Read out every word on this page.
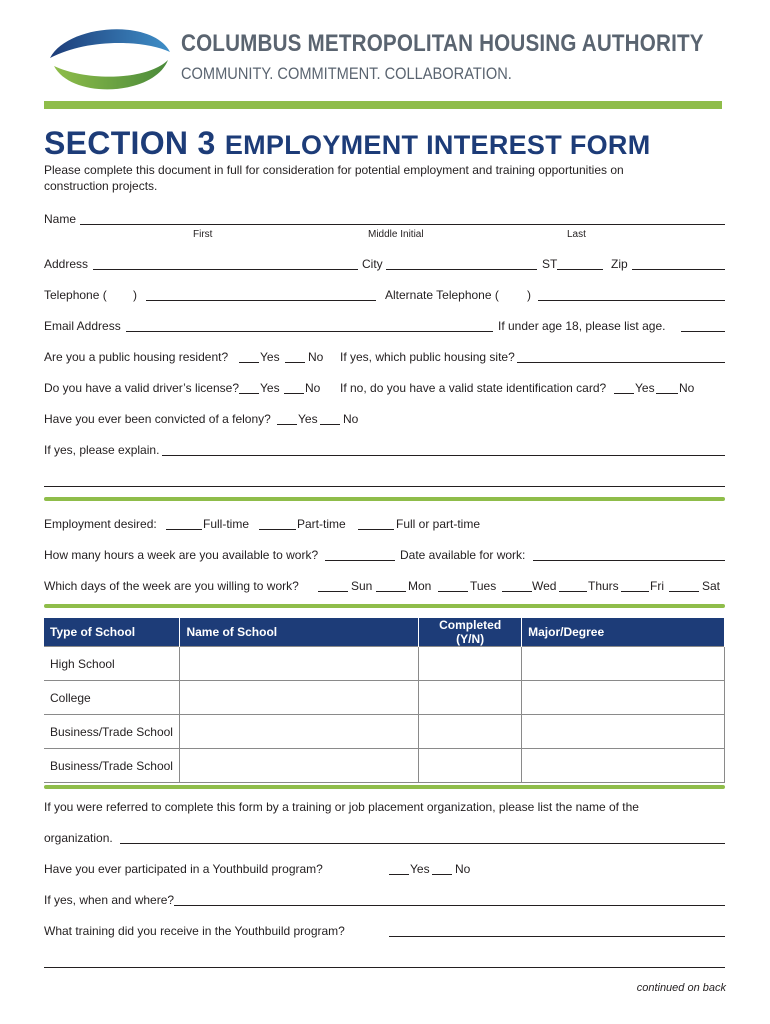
COLUMBUS METROPOLITAN HOUSING AUTHORITY
COMMUNITY. COMMITMENT. COLLABORATION.
SECTION 3 EMPLOYMENT INTEREST FORM
Please complete this document in full for consideration for potential employment and training opportunities on construction projects.
Name
First	Middle Initial	Last
Address	City	ST	Zip
Telephone ( )	Alternate Telephone ( )
Email Address	If under age 18, please list age.
Are you a public housing resident?	Yes No If yes, which public housing site?
Do you have a valid driver’s license? Yes No If no, do you have a valid state identification card? Yes No
Have you ever been convicted of a felony? Yes No
If yes, please explain.
Employment desired:	Full-time	Part-time	Full or part-time
How many hours a week are you available to work?	Date available for work:
Which days of the week are you willing to work?	Sun	Mon	Tues	Wed	Thurs	Fri	Sat
Type of School	Name of School	Completed (Y/N)	Major/Degree
High School			
College			
Business/Trade School			
Business/Trade School			
If you were referred to complete this form by a training or job placement organization, please list the name of the
organization.
Have you ever participated in a Youthbuild program?	Yes No
If yes, when and where?
What training did you receive in the Youthbuild program?
continued on back
